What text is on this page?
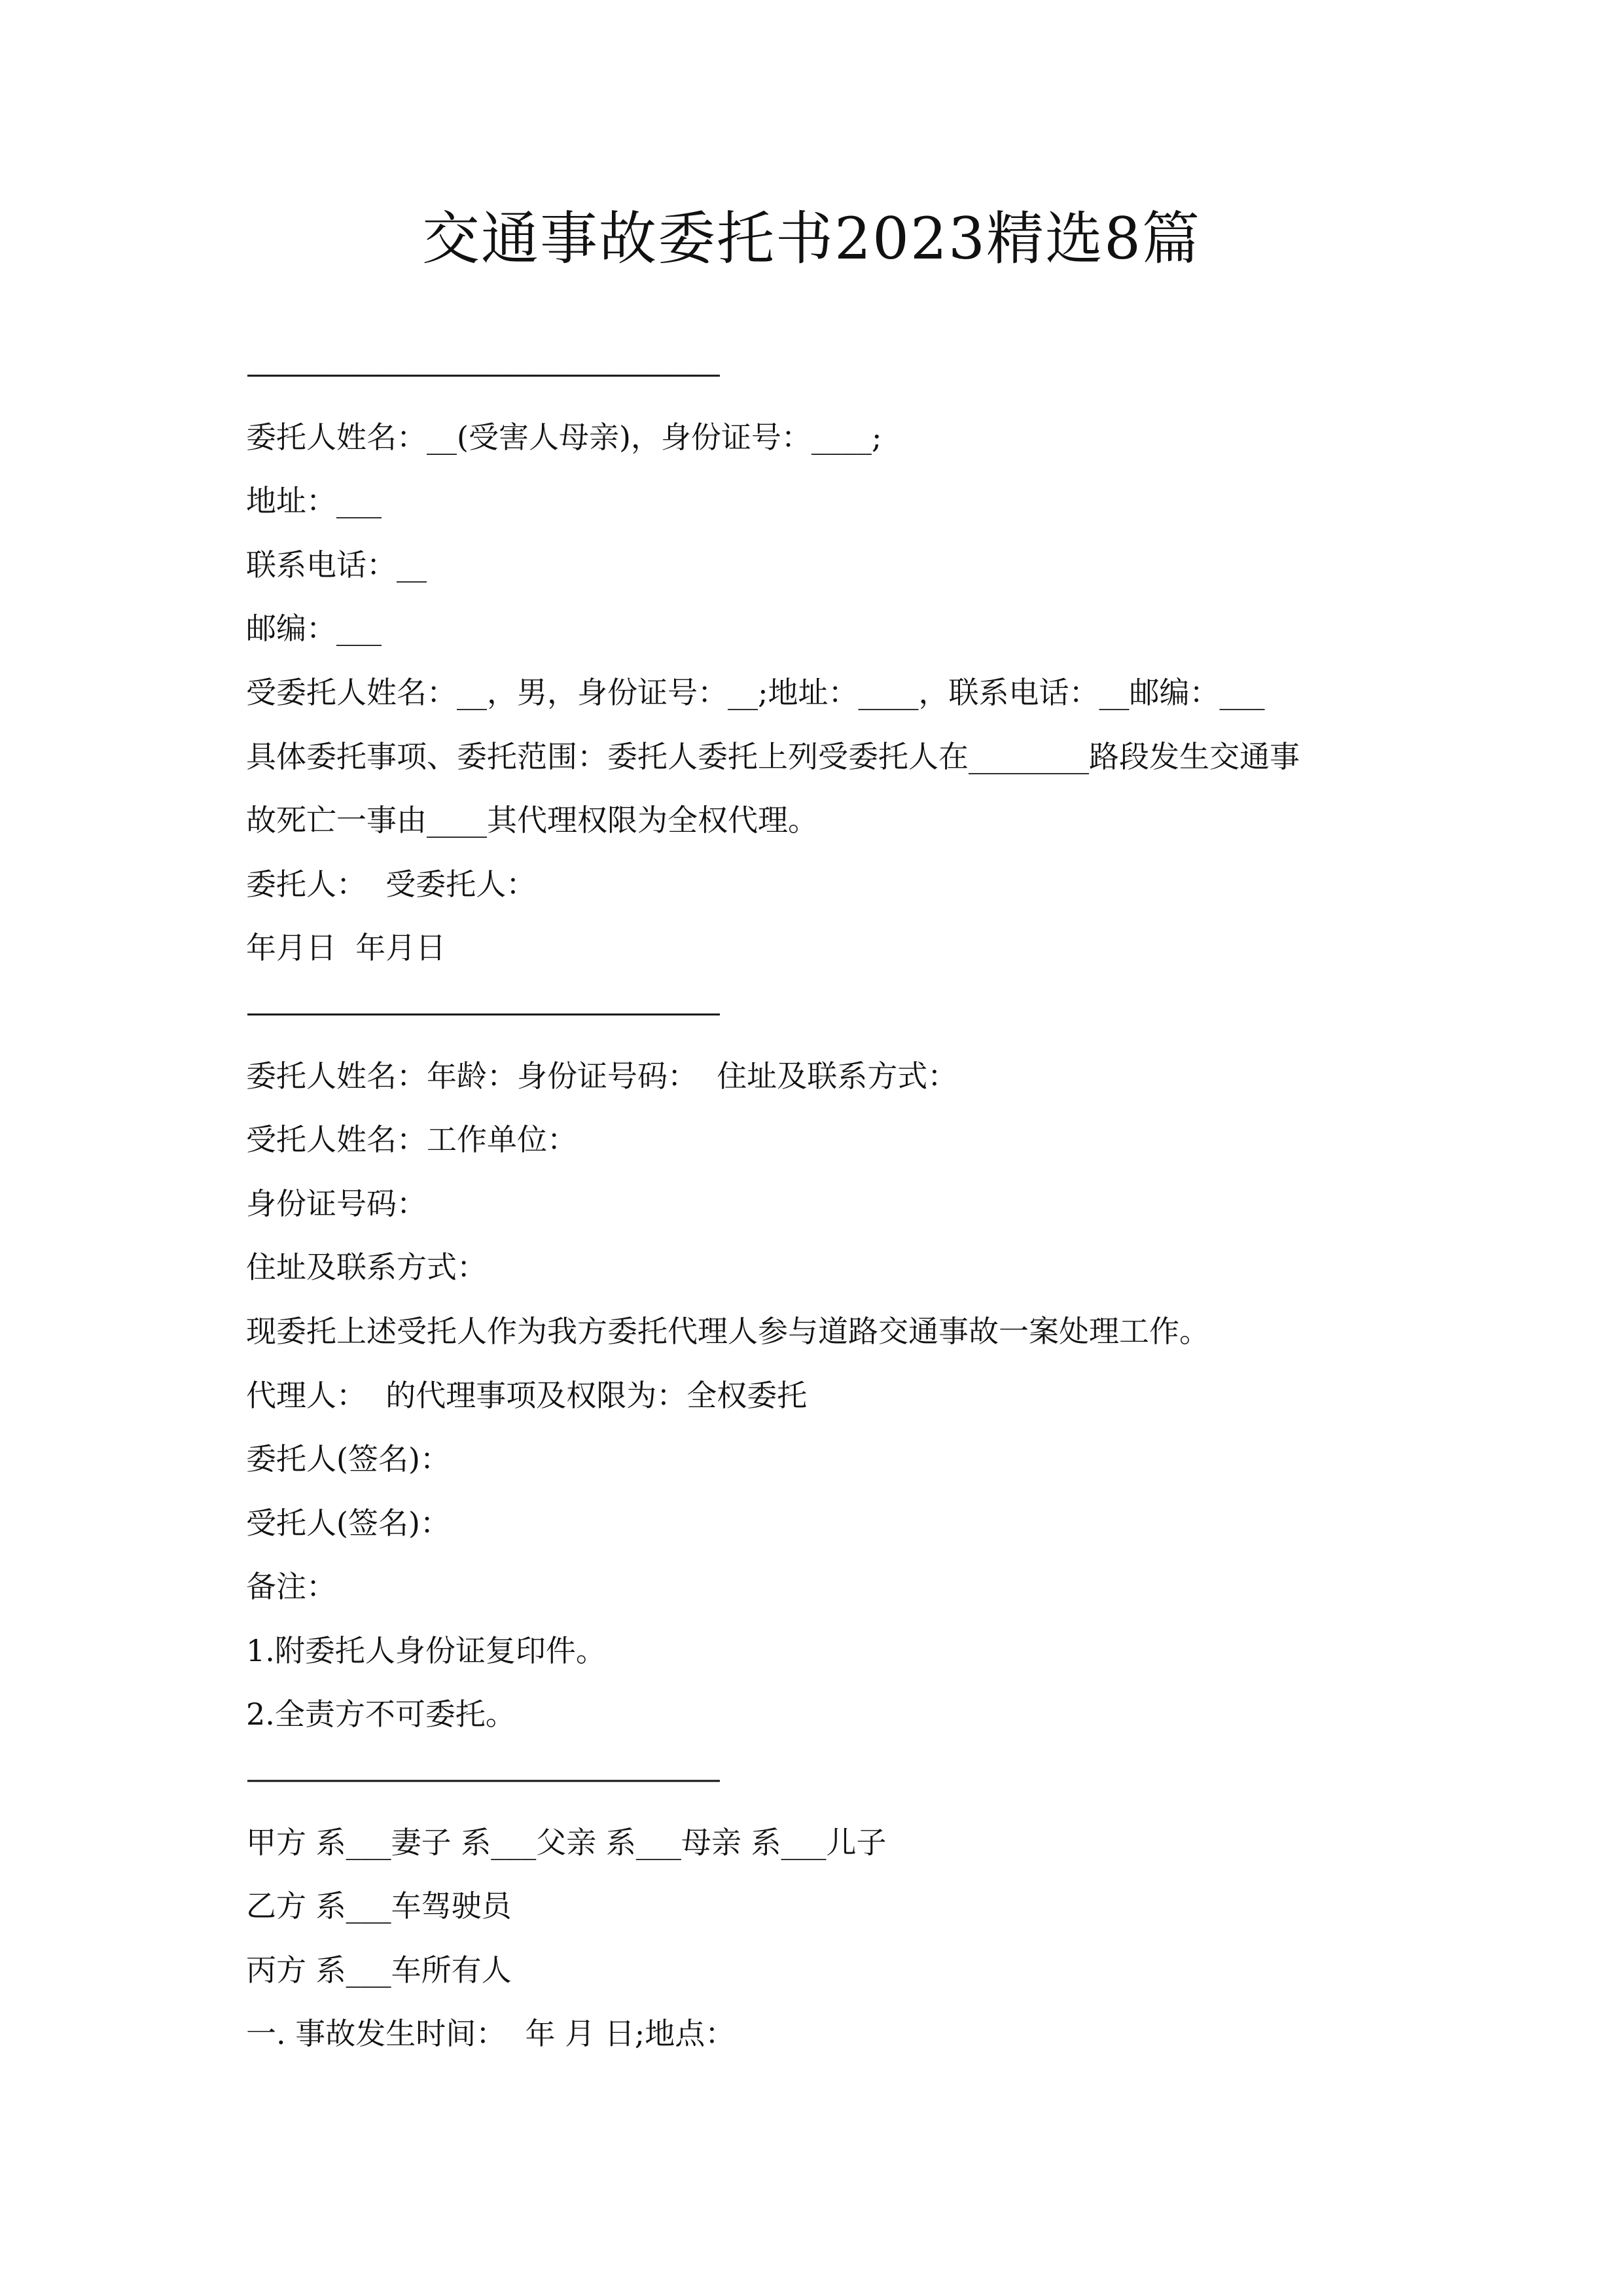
交通事故委托书2023精选8篇
——————————————————
委托人姓名：__(受害人母亲)，身份证号：____;
地址：___
联系电话：__
邮编：___
受委托人姓名：__，男，身份证号：__;地址：____，联系电话：__邮编：___
具体委托事项、委托范围：委托人委托上列受委托人在________路段发生交通事
故死亡一事由____其代理权限为全权代理。
委托人：  受委托人：
年月日  年月日
——————————————————
委托人姓名：年龄：身份证号码：  住址及联系方式：
受托人姓名：工作单位：
身份证号码：
住址及联系方式：
现委托上述受托人作为我方委托代理人参与道路交通事故一案处理工作。
代理人：  的代理事项及权限为：全权委托
委托人(签名)：
受托人(签名)：
备注：
1.附委托人身份证复印件。
2.全责方不可委托。
——————————————————
甲方 系___妻子 系___父亲 系___母亲 系___儿子
乙方 系___车驾驶员
丙方 系___车所有人
一. 事故发生时间：  年 月 日;地点：
